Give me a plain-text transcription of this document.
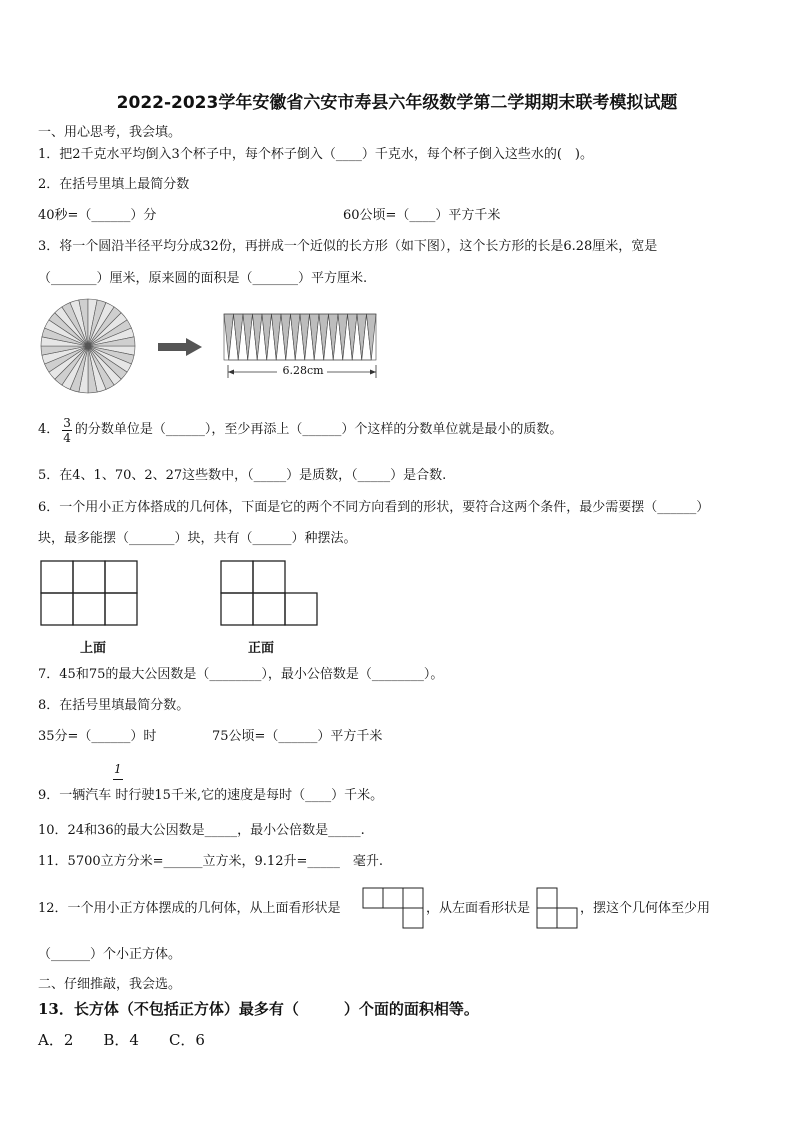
2022-2023学年安徽省六安市寿县六年级数学第二学期期末联考模拟试题
一、用心思考，我会填。
1．把2千克水平均倒入3个杯子中，每个杯子倒入（____）千克水，每个杯子倒入这些水的(　)。
2．在括号里填上最简分数
40秒=（______）分	60公顷=（____）平方千米
3．将一个圆沿半径平均分成32份，再拼成一个近似的长方形（如下图），这个长方形的长是6.28厘米，宽是
（_______）厘米，原来圆的面积是（_______）平方厘米.
6.28cm
4． $\frac{3}{4}$ 的分数单位是（______），至少再添上（______）个这样的分数单位就是最小的质数。
5．在4、1、70、2、27这些数中，（_____）是质数，（_____）是合数.
6．一个用小正方体搭成的几何体，下面是它的两个不同方向看到的形状，要符合这两个条件，最少需要摆（______）
块，最多能摆（_______）块，共有（______）种摆法。
上面	正面
7．45和75的最大公因数是（________），最小公倍数是（________）。
8．在括号里填最简分数。
35分=（______）时	75公顷=（______）平方千米
1
9．一辆汽车 时行驶15千米,它的速度是每时（____）千米。
10．24和36的最大公因数是_____，最小公倍数是_____.
11．5700立方分米=______立方米，9.12升=_____　毫升.
12．一个用小正方体摆成的几何体，从上面看形状是	，从左面看形状是	，摆这个几何体至少用
（______）个小正方体。
二、仔细推敲，我会选。
13．长方体（不包括正方体）最多有（　　　）个面的面积相等。
A．2　　B．4　　C．6
